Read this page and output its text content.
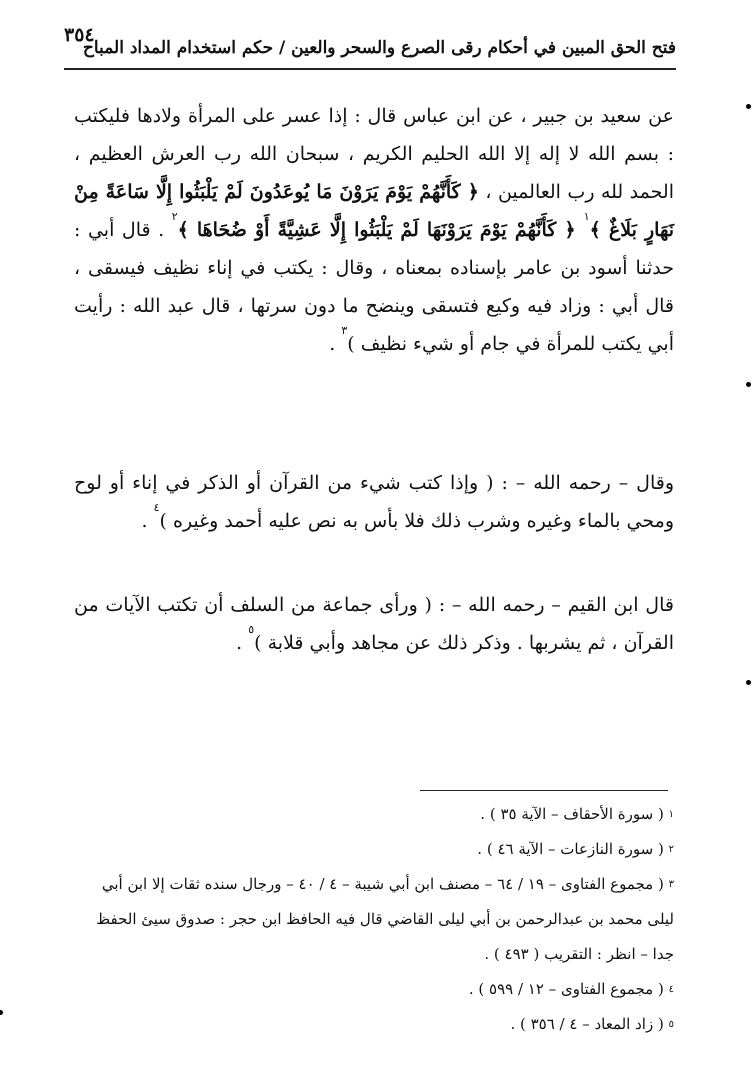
٣٥٤
فتح الحق المبين في أحكام رقى الصرع والسحر والعين / حكم استخدام المداد المباح

عن سعيد بن جبير ، عن ابن عباس قال : إذا عسر على المرأة ولادها فليكتب : بسم الله لا إله إلا الله الحليم الكريم ، سبحان الله رب العرش العظيم ، الحمد لله رب العالمين ، ﴿ كَأَنَّهُمْ يَوْمَ يَرَوْنَ مَا يُوعَدُونَ لَمْ يَلْبَثُوا إِلَّا سَاعَةً مِنْ نَهَارٍ بَلَاغٌ ﴾$^١$ ﴿ كَأَنَّهُمْ يَوْمَ يَرَوْنَهَا لَمْ يَلْبَثُوا إِلَّا عَشِيَّةً أَوْ ضُحَاهَا ﴾$^٢$ . قال أبي : حدثنا أسود بن عامر بإسناده بمعناه ، وقال : يكتب في إناء نظيف فيسقى ، قال أبي : وزاد فيه وكيع فتسقى وينضح ما دون سرتها ، قال عبد الله : رأيت أبي يكتب للمرأة في جام أو شيء نظيف )$^٣$ .

وقال – رحمه الله – : ( وإذا كتب شيء من القرآن أو الذكر في إناء أو لوح ومحي بالماء وغيره وشرب ذلك فلا بأس به نص عليه أحمد وغيره )$^٤$ .

قال ابن القيم – رحمه الله – : ( ورأى جماعة من السلف أن تكتب الآيات من القرآن ، ثم يشربها . وذكر ذلك عن مجاهد وأبي قلابة )$^٥$ .

$^١$ ( سورة الأحقاف – الآية ٣٥ ) .

$^٢$ ( سورة النازعات – الآية ٤٦ ) .

$^٣$ ( مجموع الفتاوى – ١٩ / ٦٤ – مصنف ابن أبي شيبة – ٤ / ٤٠ – ورجال سنده ثقات إلا ابن أبي ليلى محمد بن عبدالرحمن بن أبي ليلى القاضي قال فيه الحافظ ابن حجر : صدوق سيئ الحفظ جدا – انظر : التقريب ( ٤٩٣ ) .

$^٤$ ( مجموع الفتاوى – ١٢ / ٥٩٩ ) .

$^٥$ ( زاد المعاد – ٤ / ٣٥٦ ) .
